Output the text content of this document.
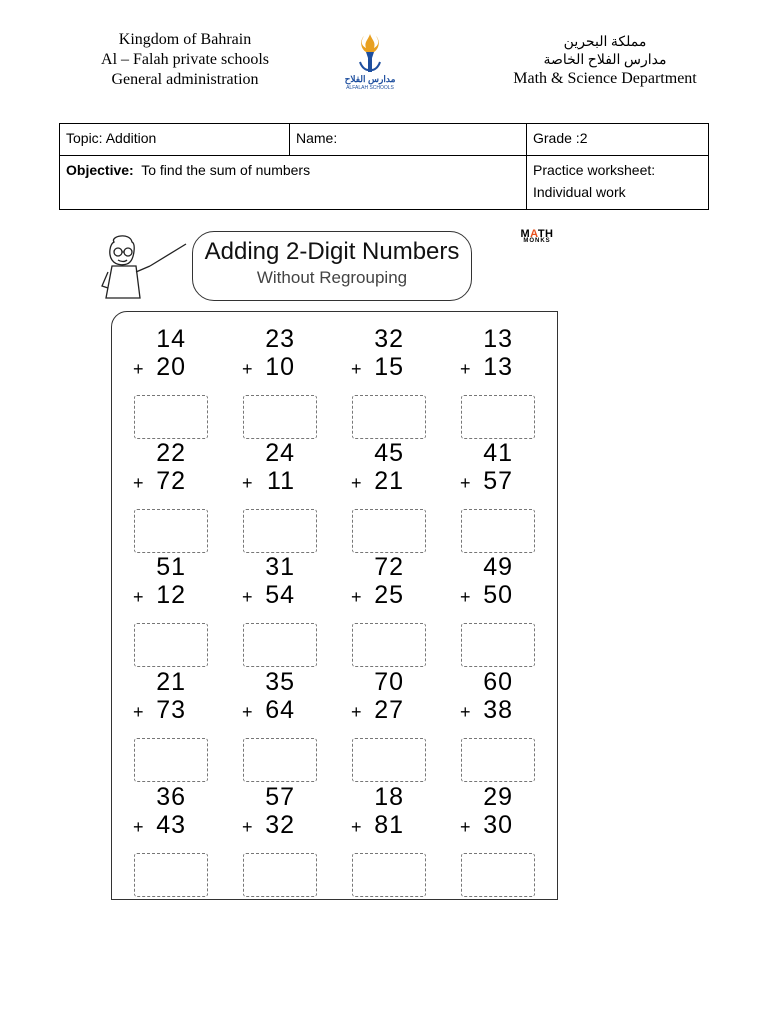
Kingdom of Bahrain
Al – Falah private schools
General administration	مدارس الفلاح
ALFALAH SCHOOLS
مملكة البحرين
مدارس الفلاح الخاصة
Math & Science Department
Topic: Addition	Name:	Grade :2
Objective: To find the sum of numbers		Practice worksheet:
Individual work
Adding 2-Digit Numbers
Without Regrouping
MATH
MONKS
14
+ 20
23
+ 10
32
+ 15
13
+ 13
22
+ 72
24
+ 11
45
+ 21
41
+ 57
51
+ 12
31
+ 54
72
+ 25
49
+ 50
21
+ 73
35
+ 64
70
+ 27
60
+ 38
36
+ 43
57
+ 32
18
+ 81
29
+ 30
